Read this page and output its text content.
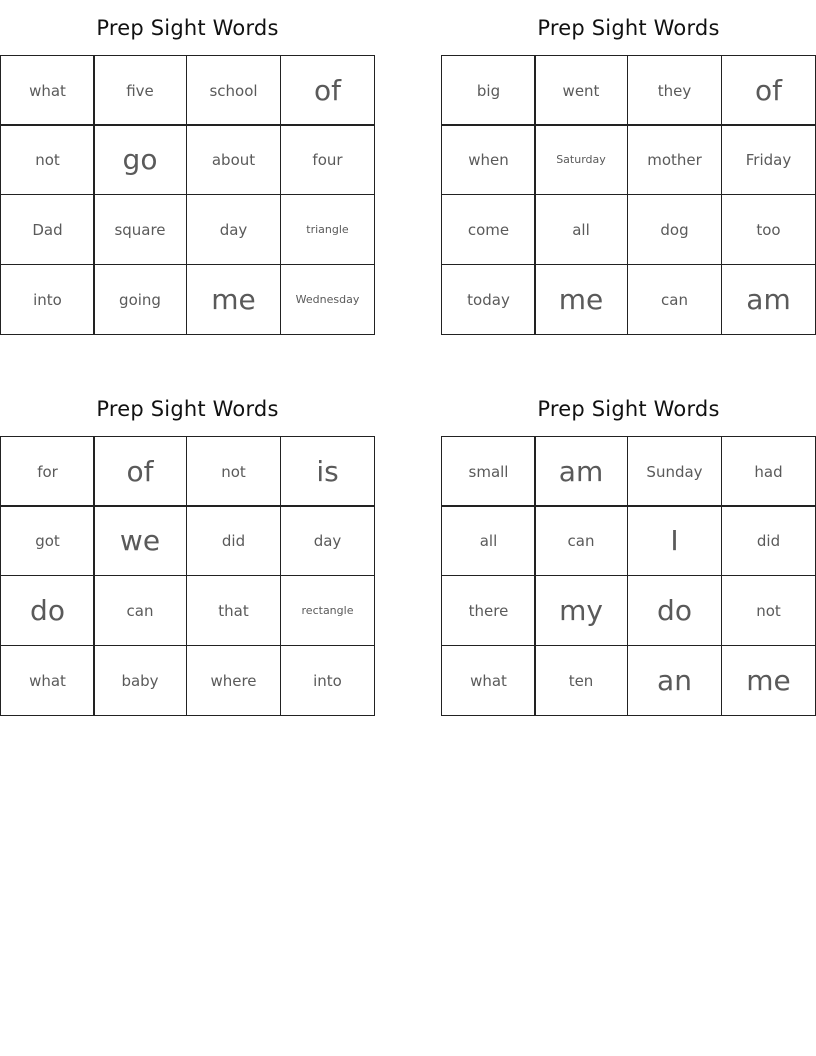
Prep Sight Words
what	five	school	of
not	go	about	four
Dad	square	day	triangle
into	going	me	Wednesday
Prep Sight Words
big	went	they	of
when	Saturday	mother	Friday
come	all	dog	too
today	me	can	am
Prep Sight Words
for	of	not	is
got	we	did	day
do	can	that	rectangle
what	baby	where	into
Prep Sight Words
small	am	Sunday	had
all	can	I	did
there	my	do	not
what	ten	an	me
